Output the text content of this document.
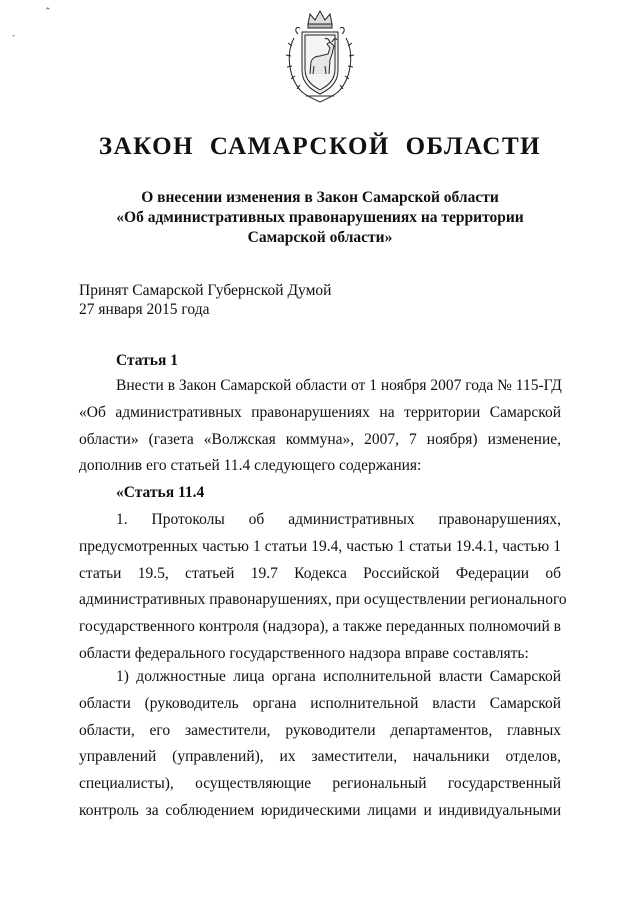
⌃
-
ЗАКОН САМАРСКОЙ ОБЛАСТИ
О внесении изменения в Закон Самарской области
«Об административных правонарушениях на территории
Самарской области»
Принят Самарской Губернской Думой
27 января 2015 года
Статья 1
Внести в Закон Самарской области от 1 ноября 2007 года № 115-ГД
«Об административных правонарушениях на территории Самарской
области» (газета «Волжская коммуна», 2007, 7 ноября) изменение,
дополнив его статьей 11.4 следующего содержания:
«Статья 11.4
1. Протоколы об административных правонарушениях,
предусмотренных частью 1 статьи 19.4, частью 1 статьи 19.4.1, частью 1
статьи 19.5, статьей 19.7 Кодекса Российской Федерации об
административных правонарушениях, при осуществлении регионального
государственного контроля (надзора), а также переданных полномочий в
области федерального государственного надзора вправе составлять:
1) должностные лица органа исполнительной власти Самарской
области (руководитель органа исполнительной власти Самарской
области, его заместители, руководители департаментов, главных
управлений (управлений), их заместители, начальники отделов,
специалисты), осуществляющие региональный государственный
контроль за соблюдением юридическими лицами и индивидуальными
